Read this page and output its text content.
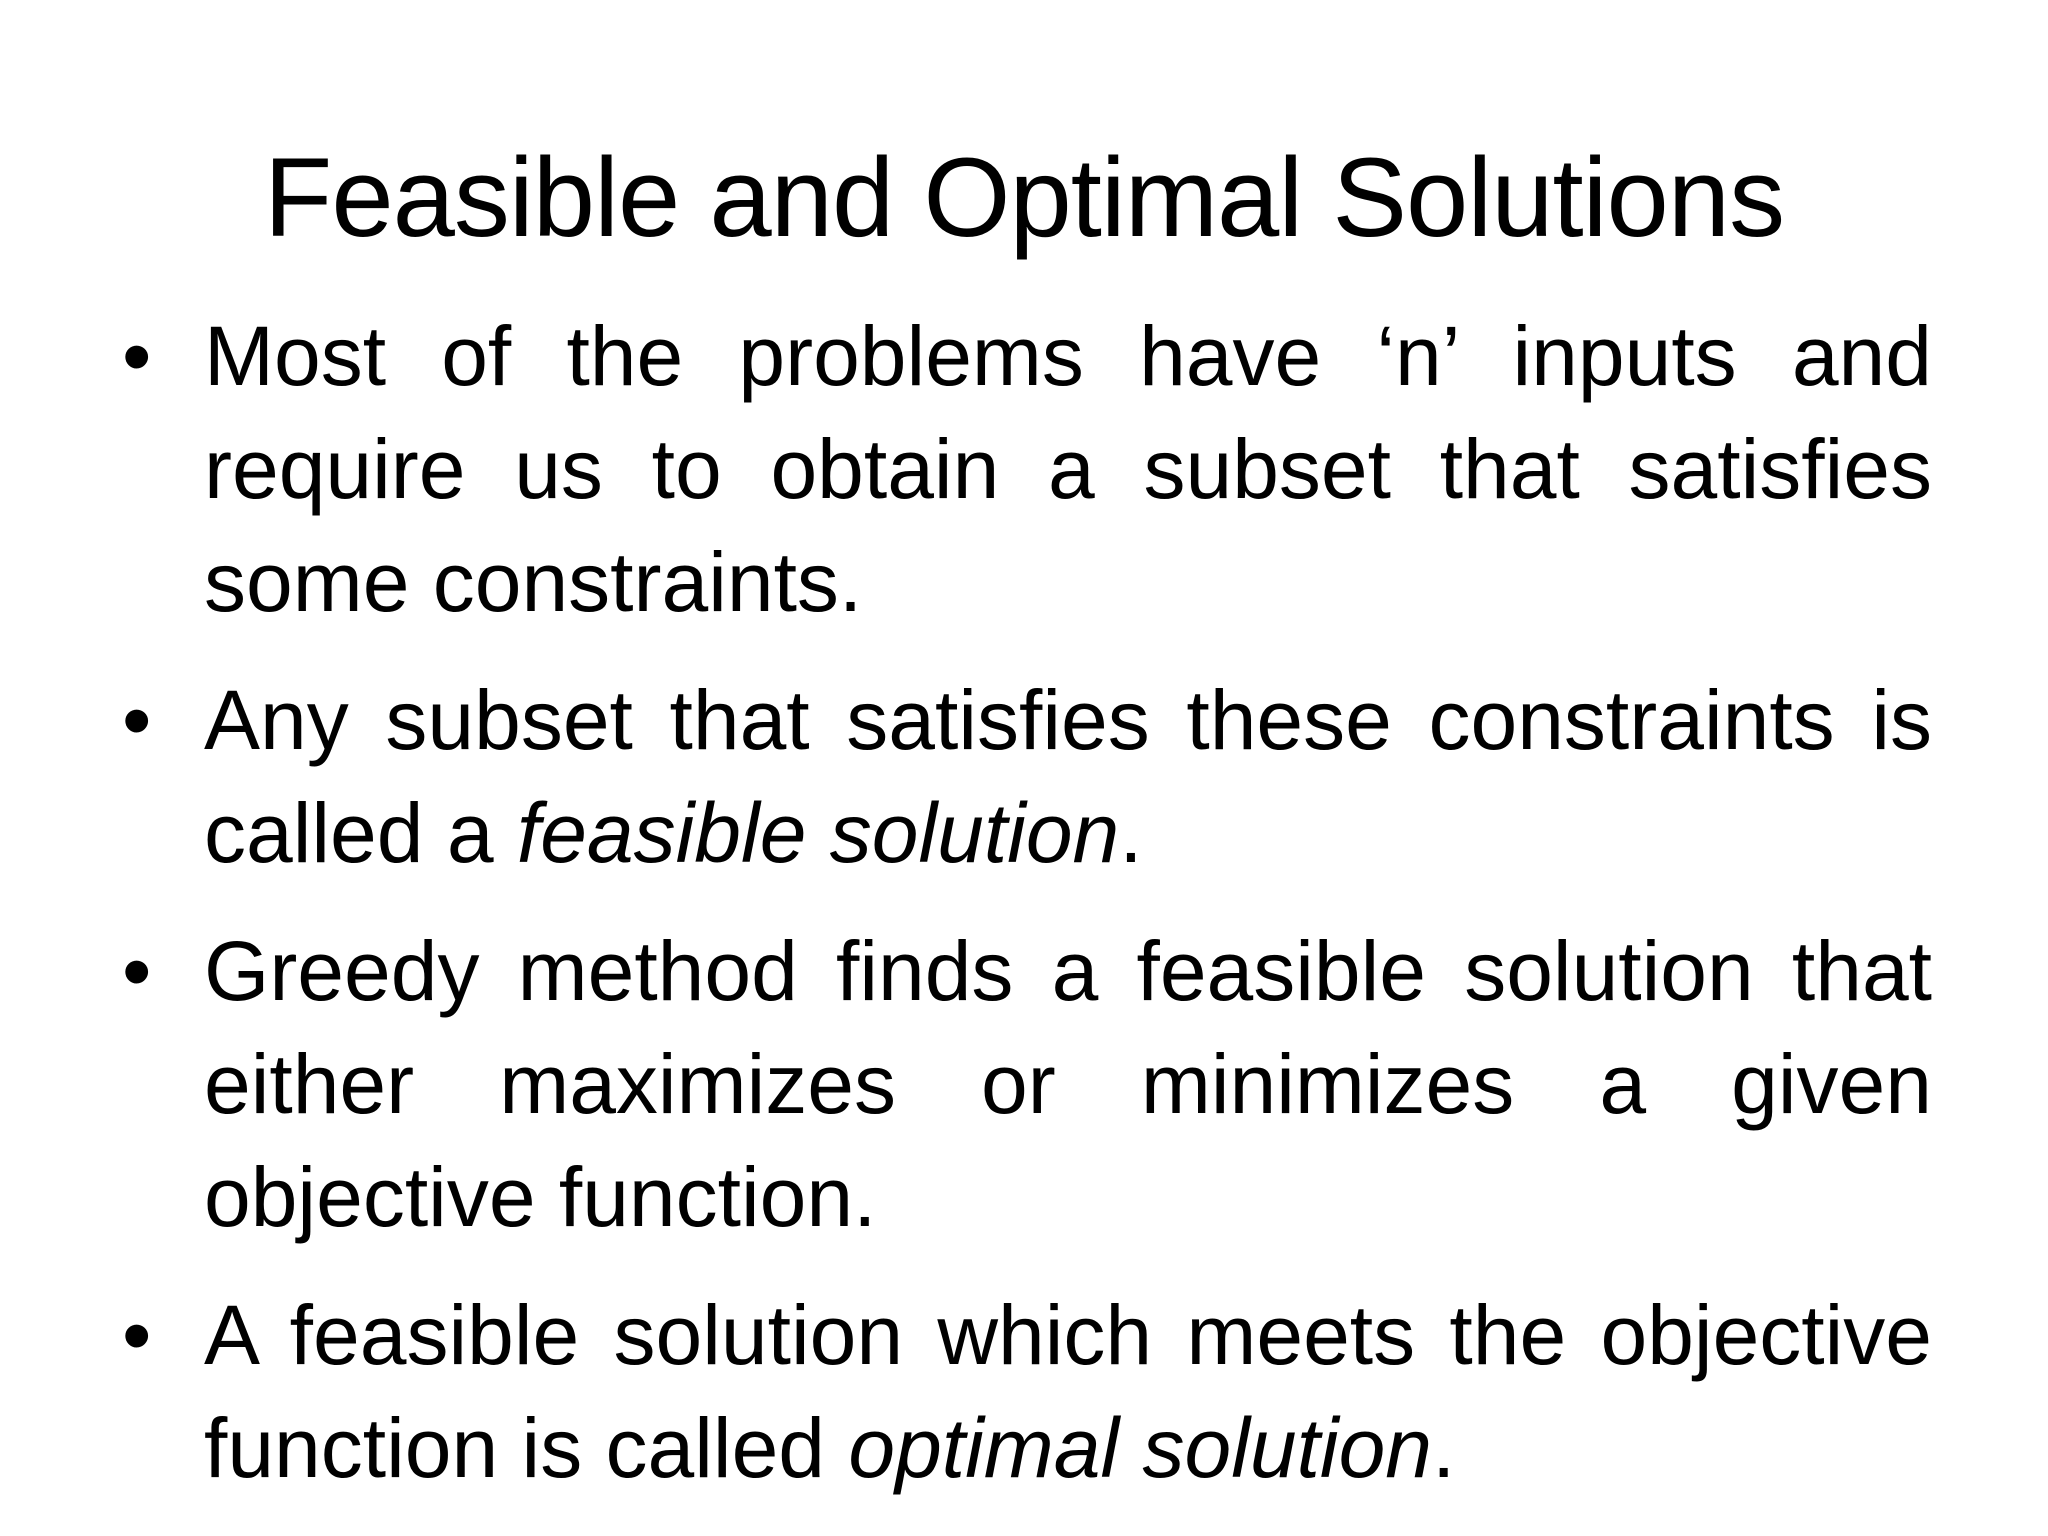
Feasible and Optimal Solutions
• Most of the problems have ‘n’ inputs and require us to obtain a subset that satisfies some constraints.
• Any subset that satisfies these constraints is called a feasible solution.
• Greedy method finds a feasible solution that either maximizes or minimizes a given objective function.
• A feasible solution which meets the objective function is called optimal solution.
